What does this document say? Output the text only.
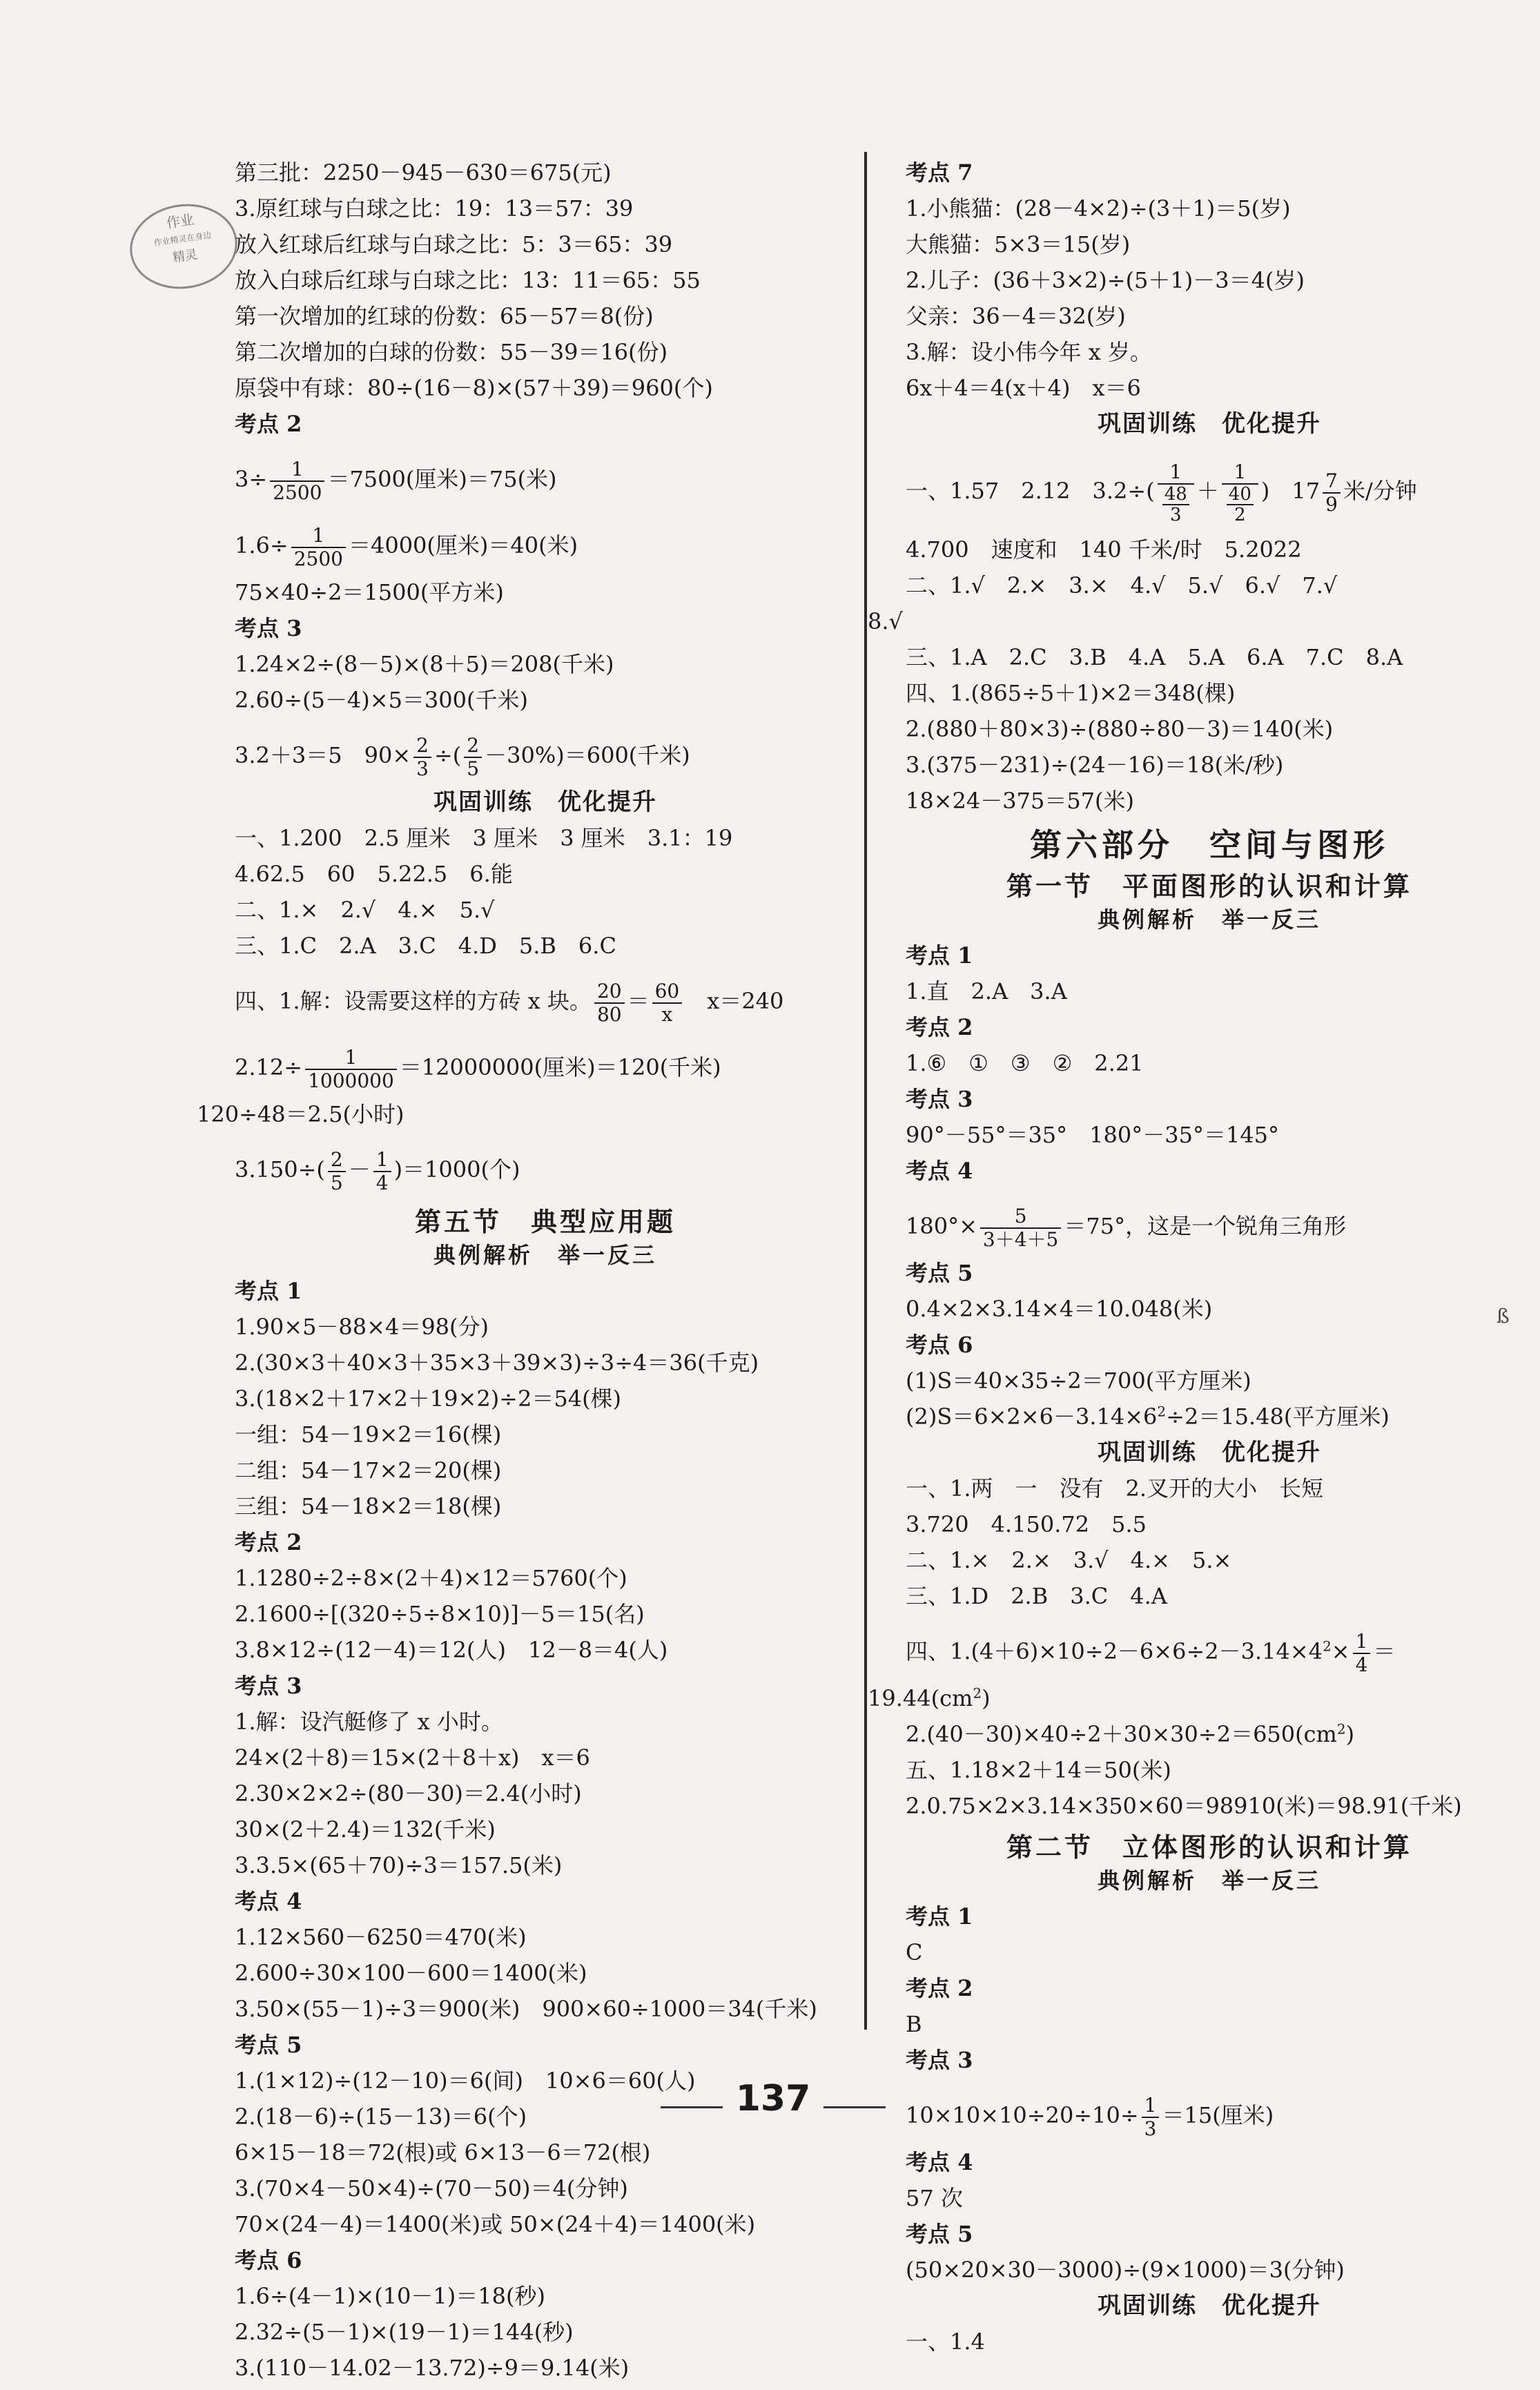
作业
作业精灵在身边
精灵
第三批：2250－945－630＝675(元)
3.原红球与白球之比：19：13＝57：39
放入红球后红球与白球之比：5：3＝65：39
放入白球后红球与白球之比：13：11＝65：55
第一次增加的红球的份数：65－57＝8(份)
第二次增加的白球的份数：55－39＝16(份)
原袋中有球：80÷(16－8)×(57＋39)＝960(个)
考点 2
$3\div \frac{1}{2500} =7500$(厘米)＝75(米)
$1.6\div \frac{1}{2500} =4000$(厘米)＝40(米)
75×40÷2＝1500(平方米)
考点 3
1.24×2÷(8－5)×(8＋5)＝208(千米)
2.60÷(5－4)×5＝300(千米)
3.2＋3＝5　$90\times \frac{2}{3}$ ÷( $\frac{2}{5} -30\%)=600$(千米)
巩固训练　优化提升
一、1.200　2.5 厘米　3 厘米　3 厘米　3.1：19
4.62.5　60　5.22.5　6.能
二、1.×　2.√　4.×　5.√
三、1.C　2.A　3.C　4.D　5.B　6.C
四、1.解：设需要这样的方砖 x 块。 $\frac{20}{80} = \frac{60}{x}$ 　x＝240
$2.12\div \frac{1}{1000000} =12000000$(厘米)＝120(千米)
120÷48＝2.5(小时)
$3.150\div( \frac{2}{5} - \frac{1}{4} )=1000$(个)
第五节　典型应用题
典例解析　举一反三
考点 1
1.90×5－88×4＝98(分)
2.(30×3＋40×3＋35×3＋39×3)÷3÷4＝36(千克)
3.(18×2＋17×2＋19×2)÷2＝54(棵)
一组：54－19×2＝16(棵)
二组：54－17×2＝20(棵)
三组：54－18×2＝18(棵)
考点 2
1.1280÷2÷8×(2＋4)×12＝5760(个)
2.1600÷[(320÷5÷8×10)]－5＝15(名)
3.8×12÷(12－4)＝12(人)　12－8＝4(人)
考点 3
1.解：设汽艇修了 x 小时。
24×(2＋8)＝15×(2＋8＋x)　x＝6
2.30×2×2÷(80－30)＝2.4(小时)
30×(2＋2.4)＝132(千米)
3.3.5×(65＋70)÷3＝157.5(米)
考点 4
1.12×560－6250＝470(米)
2.600÷30×100－600＝1400(米)
3.50×(55－1)÷3＝900(米)　900×60÷1000＝34(千米)
考点 5
1.(1×12)÷(12－10)＝6(间)　10×6＝60(人)
2.(18－6)÷(15－13)＝6(个)
6×15－18＝72(根)或 6×13－6＝72(根)
3.(70×4－50×4)÷(70－50)＝4(分钟)
70×(24－4)＝1400(米)或 50×(24＋4)＝1400(米)
考点 6
1.6÷(4－1)×(10－1)＝18(秒)
2.32÷(5－1)×(19－1)＝144(秒)
3.(110－14.02－13.72)÷9＝9.14(米)
考点 7
1.小熊猫：(28－4×2)÷(3＋1)＝5(岁)
大熊猫：5×3＝15(岁)
2.儿子：(36＋3×2)÷(5＋1)－3＝4(岁)
父亲：36－4＝32(岁)
3.解：设小伟今年 x 岁。
6x＋4＝4(x＋4)　x＝6
巩固训练　优化提升
一、1.57　2.12　$3.2\div( \frac{1}{\frac{48}{3}} + \frac{1}{\frac{40}{2}}$ )　$17 \frac{7}{9}$ 米/分钟
4.700　速度和　140 千米/时　5.2022
二、1.√　2.×　3.×　4.√　5.√　6.√　7.√
8.√
三、1.A　2.C　3.B　4.A　5.A　6.A　7.C　8.A
四、1.(865÷5＋1)×2＝348(棵)
2.(880＋80×3)÷(880÷80－3)＝140(米)
3.(375－231)÷(24－16)＝18(米/秒)
18×24－375＝57(米)
第六部分　空间与图形
第一节　平面图形的认识和计算
典例解析　举一反三
考点 1
1.直　2.A　3.A
考点 2
1.⑥　①　③　②　2.21
考点 3
90°－55°＝35°　180°－35°＝145°
考点 4
$180^\circ\times \frac{5}{3+4+5} =75^\circ$，这是一个锐角三角形
考点 5
0.4×2×3.14×4＝10.048(米)
考点 6
(1)S＝40×35÷2＝700(平方厘米)
$(2)S=6\times 2\times 6-3.14\times 6^2\div 2=15.48$(平方厘米)
巩固训练　优化提升
一、1.两　一　没有　2.叉开的大小　长短
3.720　4.150.72　5.5
二、1.×　2.×　3.√　4.×　5.×
三、1.D　2.B　3.C　4.A
四、$1.(4+6)\times 10\div 2-6\times 6\div 2-3.14\times 4^2\times \frac{1}{4}$ ＝
$19.44(cm^2)$
$2.(40-30)\times 40\div 2+30\times 30\div 2=650(cm^2)$
五、1.18×2＋14＝50(米)
2.0.75×2×3.14×350×60＝98910(米)＝98.91(千米)
第二节　立体图形的认识和计算
典例解析　举一反三
考点 1
C
考点 2
B
考点 3
$10\times 10\times 10\div 20\div 10\div \frac{1}{3} =15$(厘米)
考点 4
57 次
考点 5
(50×20×30－3000)÷(9×1000)＝3(分钟)
巩固训练　优化提升
一、1.4
ß
137
